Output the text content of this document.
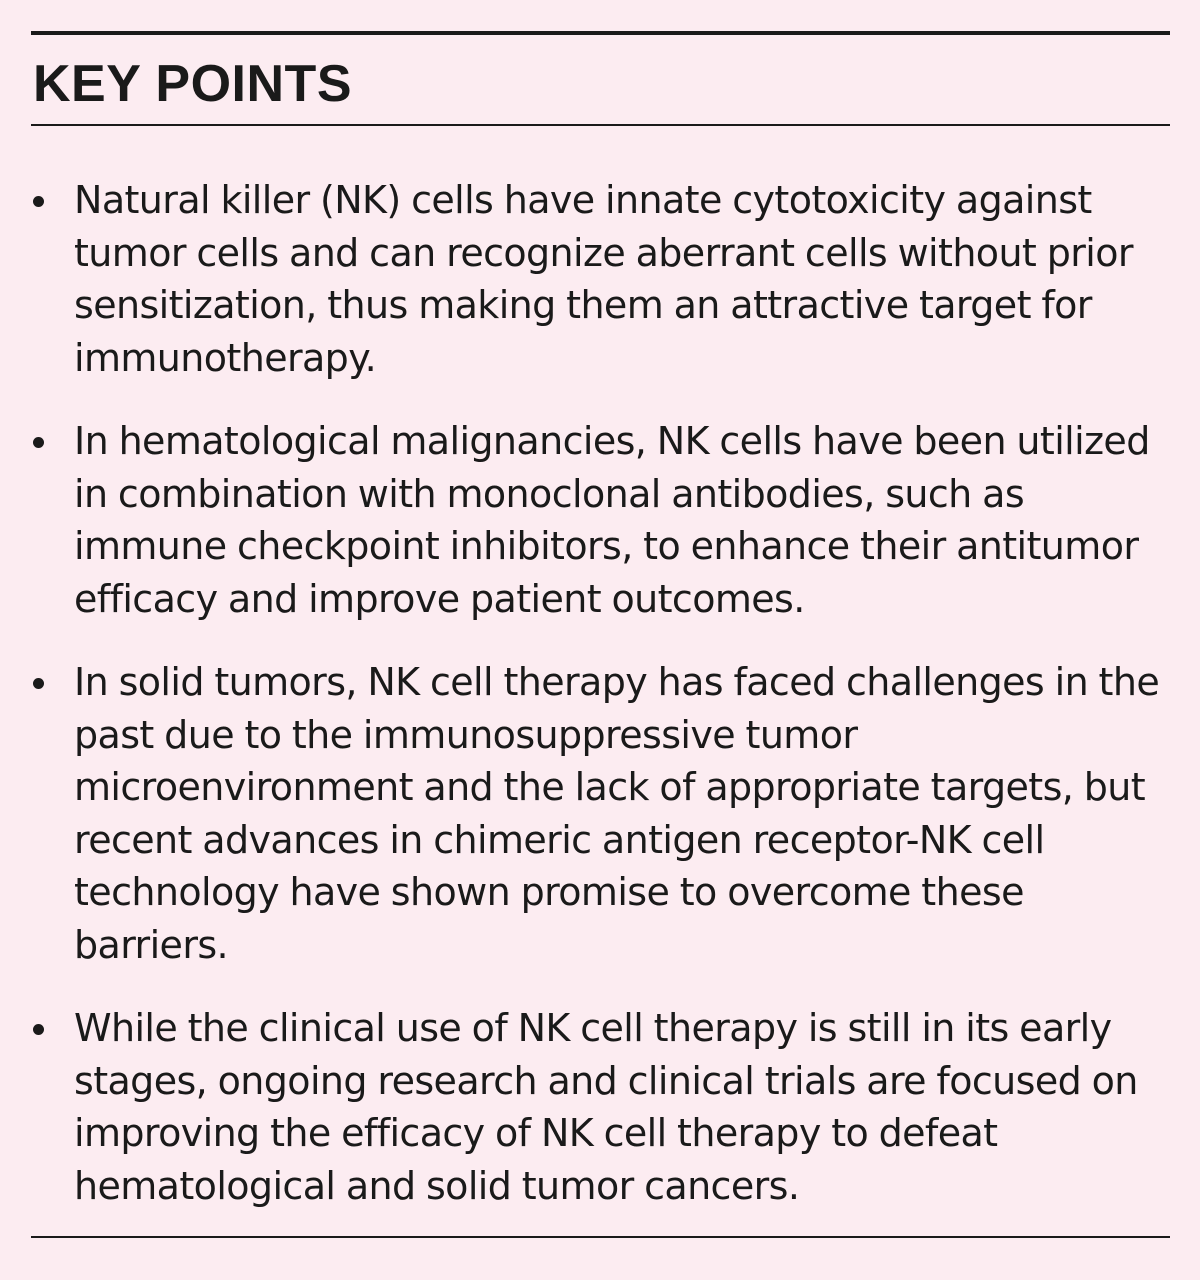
KEY POINTS
Natural killer (NK) cells have innate cytotoxicity against tumor cells and can recognize aberrant cells without prior sensitization, thus making them an attractive target for immunotherapy.
In hematological malignancies, NK cells have been utilized in combination with monoclonal antibodies, such as immune checkpoint inhibitors, to enhance their antitumor efficacy and improve patient outcomes.
In solid tumors, NK cell therapy has faced challenges in the past due to the immunosuppressive tumor microenvironment and the lack of appropriate targets, but recent advances in chimeric antigen receptor-NK cell technology have shown promise to overcome these barriers.
While the clinical use of NK cell therapy is still in its early stages, ongoing research and clinical trials are focused on improving the efficacy of NK cell therapy to defeat hematological and solid tumor cancers.
